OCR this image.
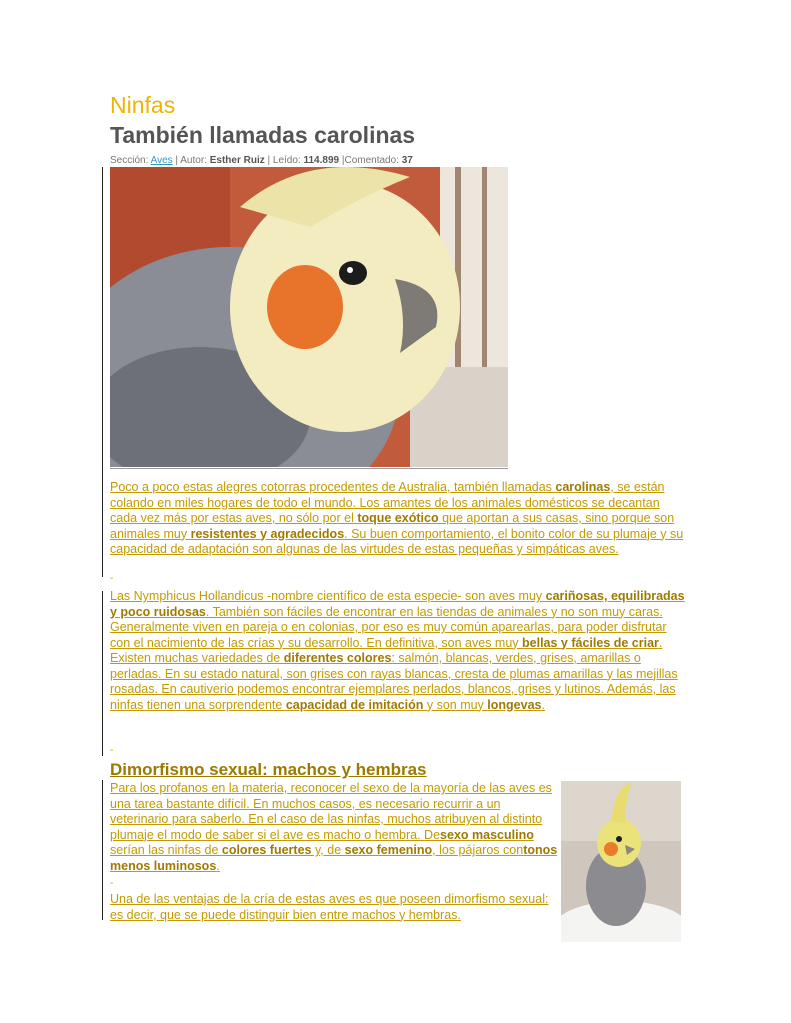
Ninfas
También llamadas carolinas
Sección: Aves | Autor: Esther Ruiz | Leído: 114.899 |Comentado: 37
Poco a poco estas alegres cotorras procedentes de Australia, también llamadas carolinas, se están colando en miles hogares de todo el mundo. Los amantes de los animales domésticos se decantan cada vez más por estas aves, no sólo por el toque exótico que aportan a sus casas, sino porque son animales muy resistentes y agradecidos. Su buen comportamiento, el bonito color de su plumaje y su capacidad de adaptación son algunas de las virtudes de estas pequeñas y simpáticas aves.
-
Las Nymphicus Hollandicus -nombre científico de esta especie- son aves muy cariñosas, equilibradas y poco ruidosas. También son fáciles de encontrar en las tiendas de animales y no son muy caras. Generalmente viven en pareja o en colonias, por eso es muy común aparearlas, para poder disfrutar con el nacimiento de las crías y su desarrollo. En definitiva, son aves muy bellas y fáciles de criar.
Existen muchas variedades de diferentes colores: salmón, blancas, verdes, grises, amarillas o perladas. En su estado natural, son grises con rayas blancas, cresta de plumas amarillas y las mejillas rosadas. En cautiverio podemos encontrar ejemplares perlados, blancos, grises y lutinos. Además, las ninfas tienen una sorprendente capacidad de imitación y son muy longevas.
-
Dimorfismo sexual: machos y hembras
Para los profanos en la materia, reconocer el sexo de la mayoría de las aves es una tarea bastante difícil. En muchos casos, es necesario recurrir a un veterinario para saberlo. En el caso de las ninfas, muchos atribuyen al distinto plumaje el modo de saber si el ave es macho o hembra. Desexo masculino serían las ninfas de colores fuertes y, de sexo femenino, los pájaros contonos menos luminosos.
-
Una de las ventajas de la cría de estas aves es que poseen dimorfismo sexual: es decir, que se puede distinguir bien entre machos y hembras.
